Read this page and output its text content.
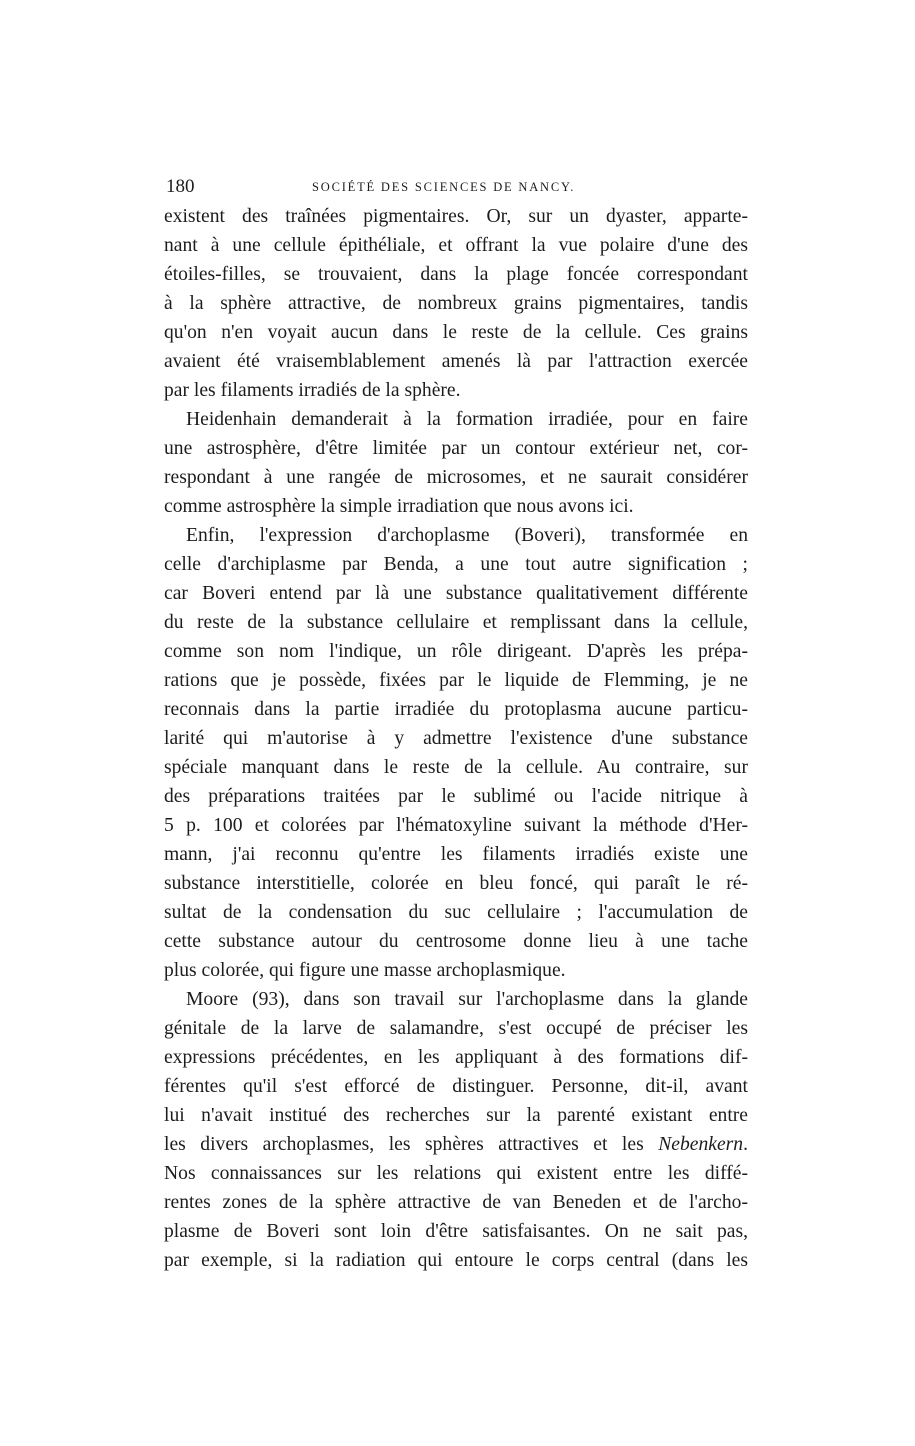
180	SOCIÉTÉ DES SCIENCES DE NANCY.
existent des traînées pigmentaires. Or, sur un dyaster, apparte-
nant à une cellule épithéliale, et offrant la vue polaire d'une des
étoiles-filles, se trouvaient, dans la plage foncée correspondant
à la sphère attractive, de nombreux grains pigmentaires, tandis
qu'on n'en voyait aucun dans le reste de la cellule. Ces grains
avaient été vraisemblablement amenés là par l'attraction exercée
par les filaments irradiés de la sphère.
Heidenhain demanderait à la formation irradiée, pour en faire
une astrosphère, d'être limitée par un contour extérieur net, cor-
respondant à une rangée de microsomes, et ne saurait considérer
comme astrosphère la simple irradiation que nous avons ici.
Enfin, l'expression d'archoplasme (Boveri), transformée en
celle d'archiplasme par Benda, a une tout autre signification ;
car Boveri entend par là une substance qualitativement différente
du reste de la substance cellulaire et remplissant dans la cellule,
comme son nom l'indique, un rôle dirigeant. D'après les prépa-
rations que je possède, fixées par le liquide de Flemming, je ne
reconnais dans la partie irradiée du protoplasma aucune particu-
larité qui m'autorise à y admettre l'existence d'une substance
spéciale manquant dans le reste de la cellule. Au contraire, sur
des préparations traitées par le sublimé ou l'acide nitrique à
5 p. 100 et colorées par l'hématoxyline suivant la méthode d'Her-
mann, j'ai reconnu qu'entre les filaments irradiés existe une
substance interstitielle, colorée en bleu foncé, qui paraît le ré-
sultat de la condensation du suc cellulaire ; l'accumulation de
cette substance autour du centrosome donne lieu à une tache
plus colorée, qui figure une masse archoplasmique.
Moore (93), dans son travail sur l'archoplasme dans la glande
génitale de la larve de salamandre, s'est occupé de préciser les
expressions précédentes, en les appliquant à des formations dif-
férentes qu'il s'est efforcé de distinguer. Personne, dit-il, avant
lui n'avait institué des recherches sur la parenté existant entre
les divers archoplasmes, les sphères attractives et les Nebenkern.
Nos connaissances sur les relations qui existent entre les diffé-
rentes zones de la sphère attractive de van Beneden et de l'archo-
plasme de Boveri sont loin d'être satisfaisantes. On ne sait pas,
par exemple, si la radiation qui entoure le corps central (dans les
